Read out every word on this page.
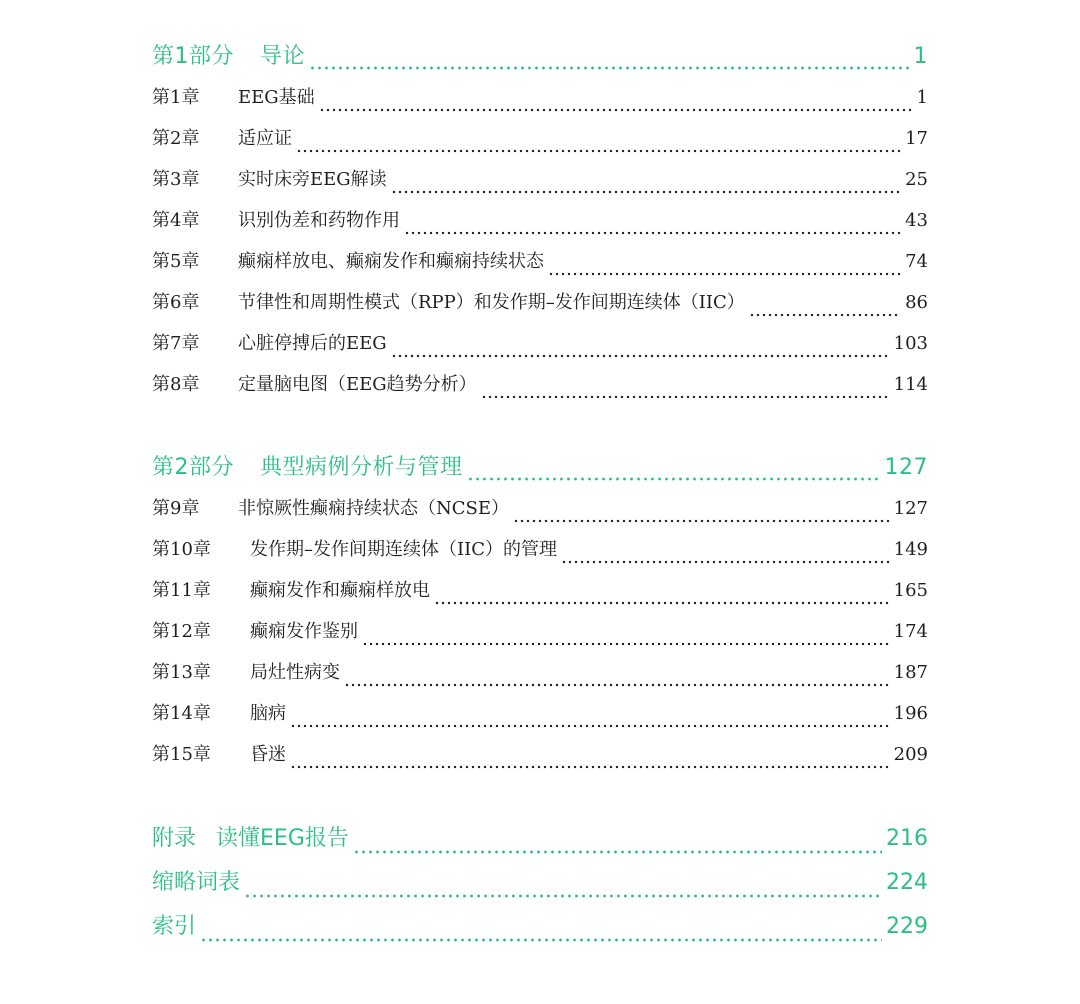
第1部分 导论	1
第1章	EEG基础	1
第2章	适应证	17
第3章	实时床旁EEG解读	25
第4章	识别伪差和药物作用	43
第5章	癫痫样放电、癫痫发作和癫痫持续状态	74
第6章	节律性和周期性模式（RPP）和发作期–发作间期连续体（IIC）	86
第7章	心脏停搏后的EEG	103
第8章	定量脑电图（EEG趋势分析）	114
第2部分 典型病例分析与管理	127
第9章	非惊厥性癫痫持续状态（NCSE）	127
第10章	发作期–发作间期连续体（IIC）的管理	149
第11章	癫痫发作和癫痫样放电	165
第12章	癫痫发作鉴别	174
第13章	局灶性病变	187
第14章	脑病	196
第15章	昏迷	209
附录 读懂EEG报告	216
缩略词表	224
索引	229
